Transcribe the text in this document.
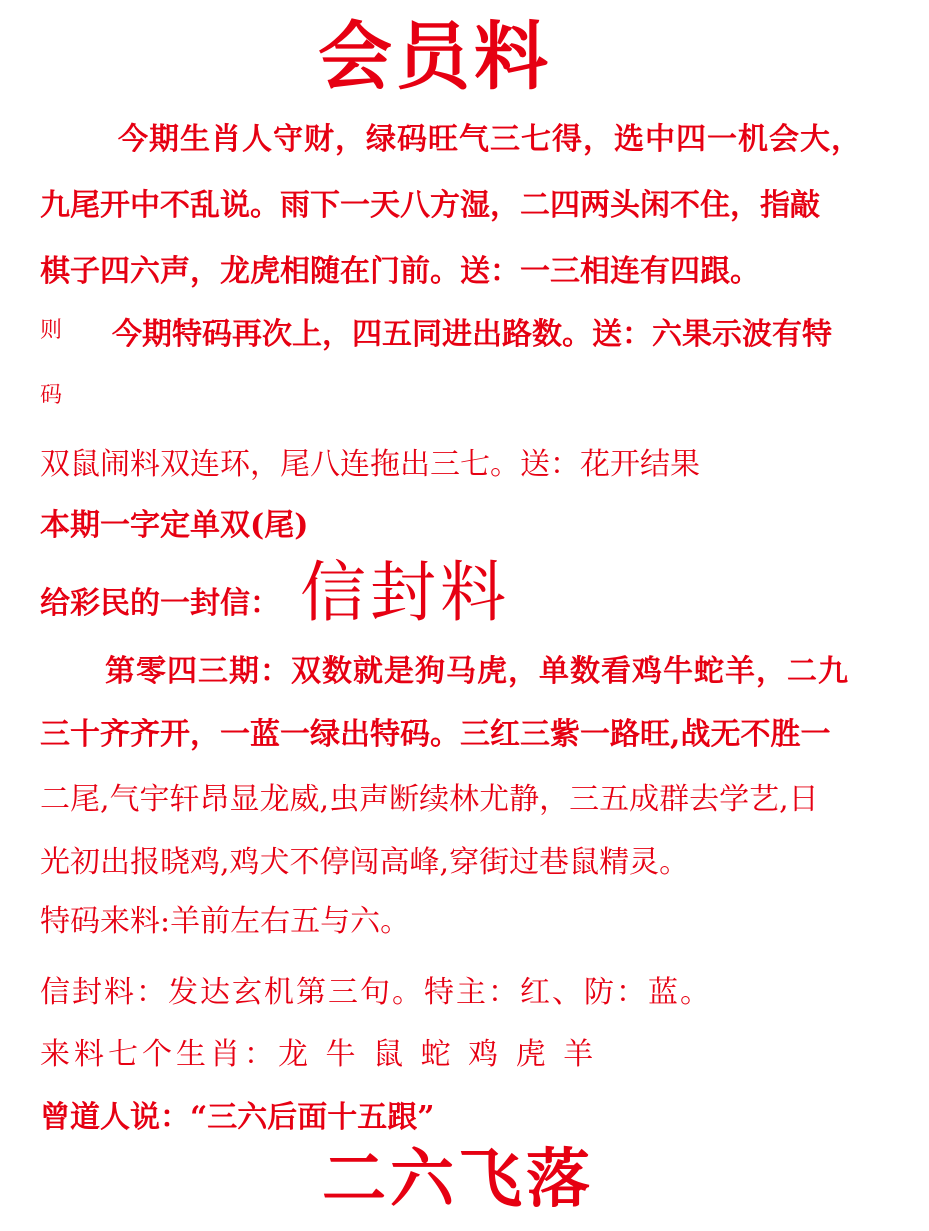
会员料
今期生肖人守财，绿码旺气三七得，选中四一机会大，
九尾开中不乱说。雨下一天八方湿，二四两头闲不住，指敲
棋子四六声，龙虎相随在门前。送：一三相连有四跟。
则 今期特码再次上，四五同进出路数。送：六果示波有特
码
双鼠闹料双连环，尾八连拖出三七。送：花开结果
本期一字定单双(尾)
给彩民的一封信： 信封料
第零四三期：双数就是狗马虎，单数看鸡牛蛇羊，二九
三十齐齐开，一蓝一绿出特码。三红三紫一路旺,战无不胜一
二尾,气宇轩昂显龙威,虫声断续林尤静，三五成群去学艺,日
光初出报晓鸡,鸡犬不停闯高峰,穿街过巷鼠精灵。
特码来料:羊前左右五与六。
信封料：发达玄机第三句。特主：红、防：蓝。
来料七个生肖：龙 牛 鼠 蛇 鸡 虎 羊
曾道人说：“三六后面十五跟”
二六飞落
